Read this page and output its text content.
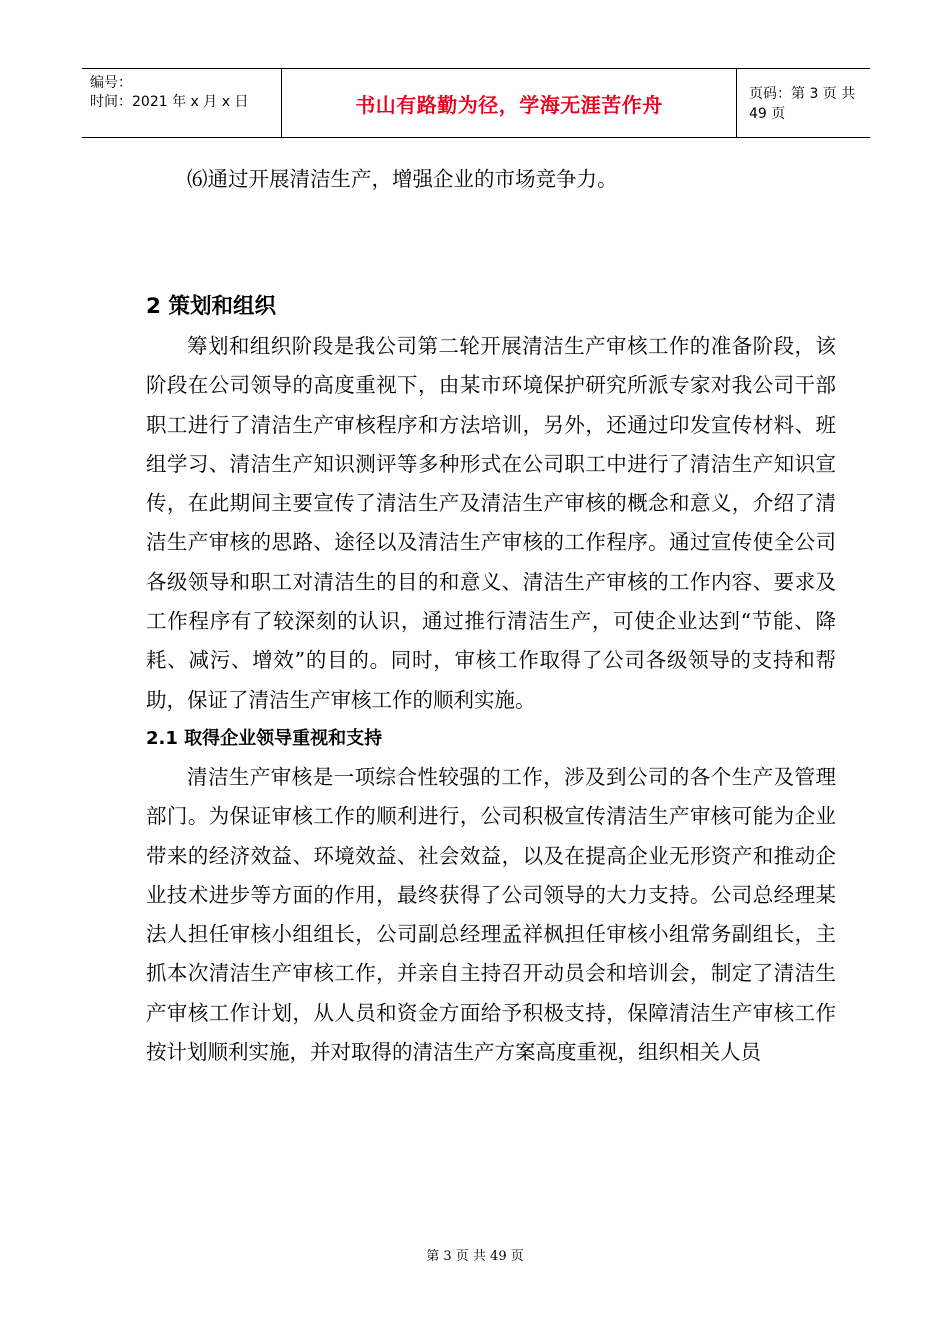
编号：
时间：2021 年 x 月 x 日	书山有路勤为径，学海无涯苦作舟	页码：第 3 页 共 49 页

⑹通过开展清洁生产，增强企业的市场竞争力。

2 策划和组织

筹划和组织阶段是我公司第二轮开展清洁生产审核工作的准备阶段，该阶段在公司领导的高度重视下，由某市环境保护研究所派专家对我公司干部职工进行了清洁生产审核程序和方法培训，另外，还通过印发宣传材料、班组学习、清洁生产知识测评等多种形式在公司职工中进行了清洁生产知识宣传，在此期间主要宣传了清洁生产及清洁生产审核的概念和意义，介绍了清洁生产审核的思路、途径以及清洁生产审核的工作程序。通过宣传使全公司各级领导和职工对清洁生的目的和意义、清洁生产审核的工作内容、要求及工作程序有了较深刻的认识，通过推行清洁生产，可使企业达到“节能、降耗、减污、增效”的目的。同时，审核工作取得了公司各级领导的支持和帮助，保证了清洁生产审核工作的顺利实施。

2.1 取得企业领导重视和支持

清洁生产审核是一项综合性较强的工作，涉及到公司的各个生产及管理部门。为保证审核工作的顺利进行，公司积极宣传清洁生产审核可能为企业带来的经济效益、环境效益、社会效益，以及在提高企业无形资产和推动企业技术进步等方面的作用，最终获得了公司领导的大力支持。公司总经理某法人担任审核小组组长，公司副总经理孟祥枫担任审核小组常务副组长，主抓本次清洁生产审核工作，并亲自主持召开动员会和培训会，制定了清洁生产审核工作计划，从人员和资金方面给予积极支持，保障清洁生产审核工作按计划顺利实施，并对取得的清洁生产方案高度重视，组织相关人员

第 3 页 共 49 页
